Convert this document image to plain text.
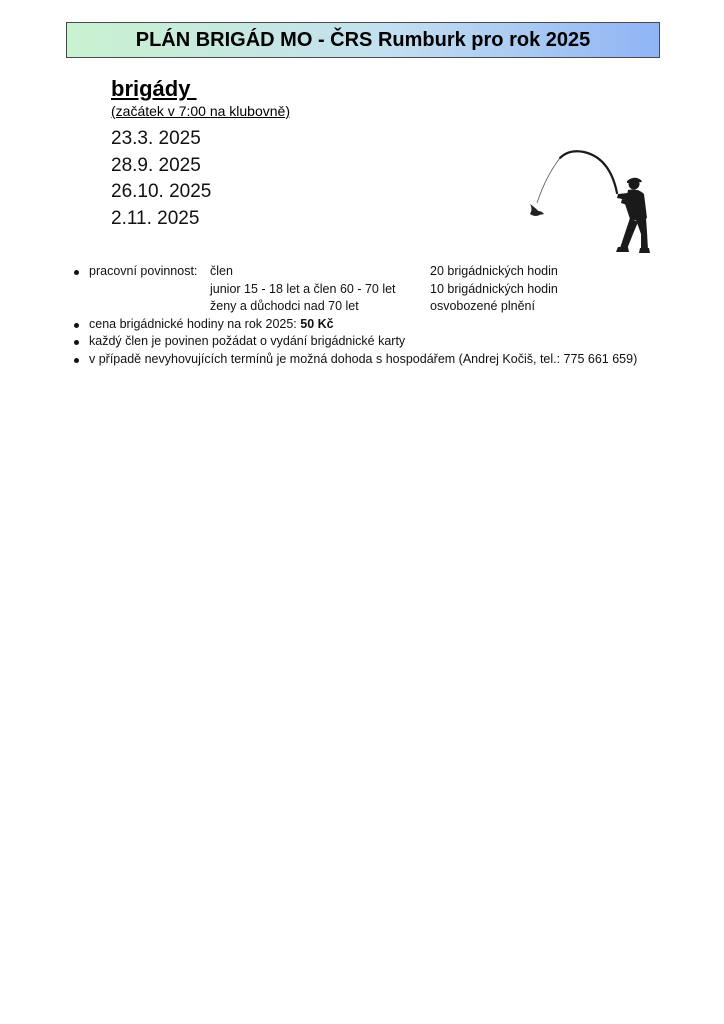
PLÁN BRIGÁD MO - ČRS Rumburk pro rok 2025
brigády
(začátek v 7:00 na klubovně)
23.3. 2025
28.9. 2025
26.10. 2025
2.11. 2025
pracovní povinnost: člen	20 brigádnických hodin
junior 15 - 18 let a člen 60 - 70 let	10 brigádnických hodin
ženy a důchodci nad 70 let	osvobozené plnění
cena brigádnické hodiny na rok 2025: 50 Kč
každý člen je povinen požádat o vydání brigádnické karty
v případě nevyhovujících termínů je možná dohoda s hospodářem (Andrej Kočiš, tel.: 775 661 659)
